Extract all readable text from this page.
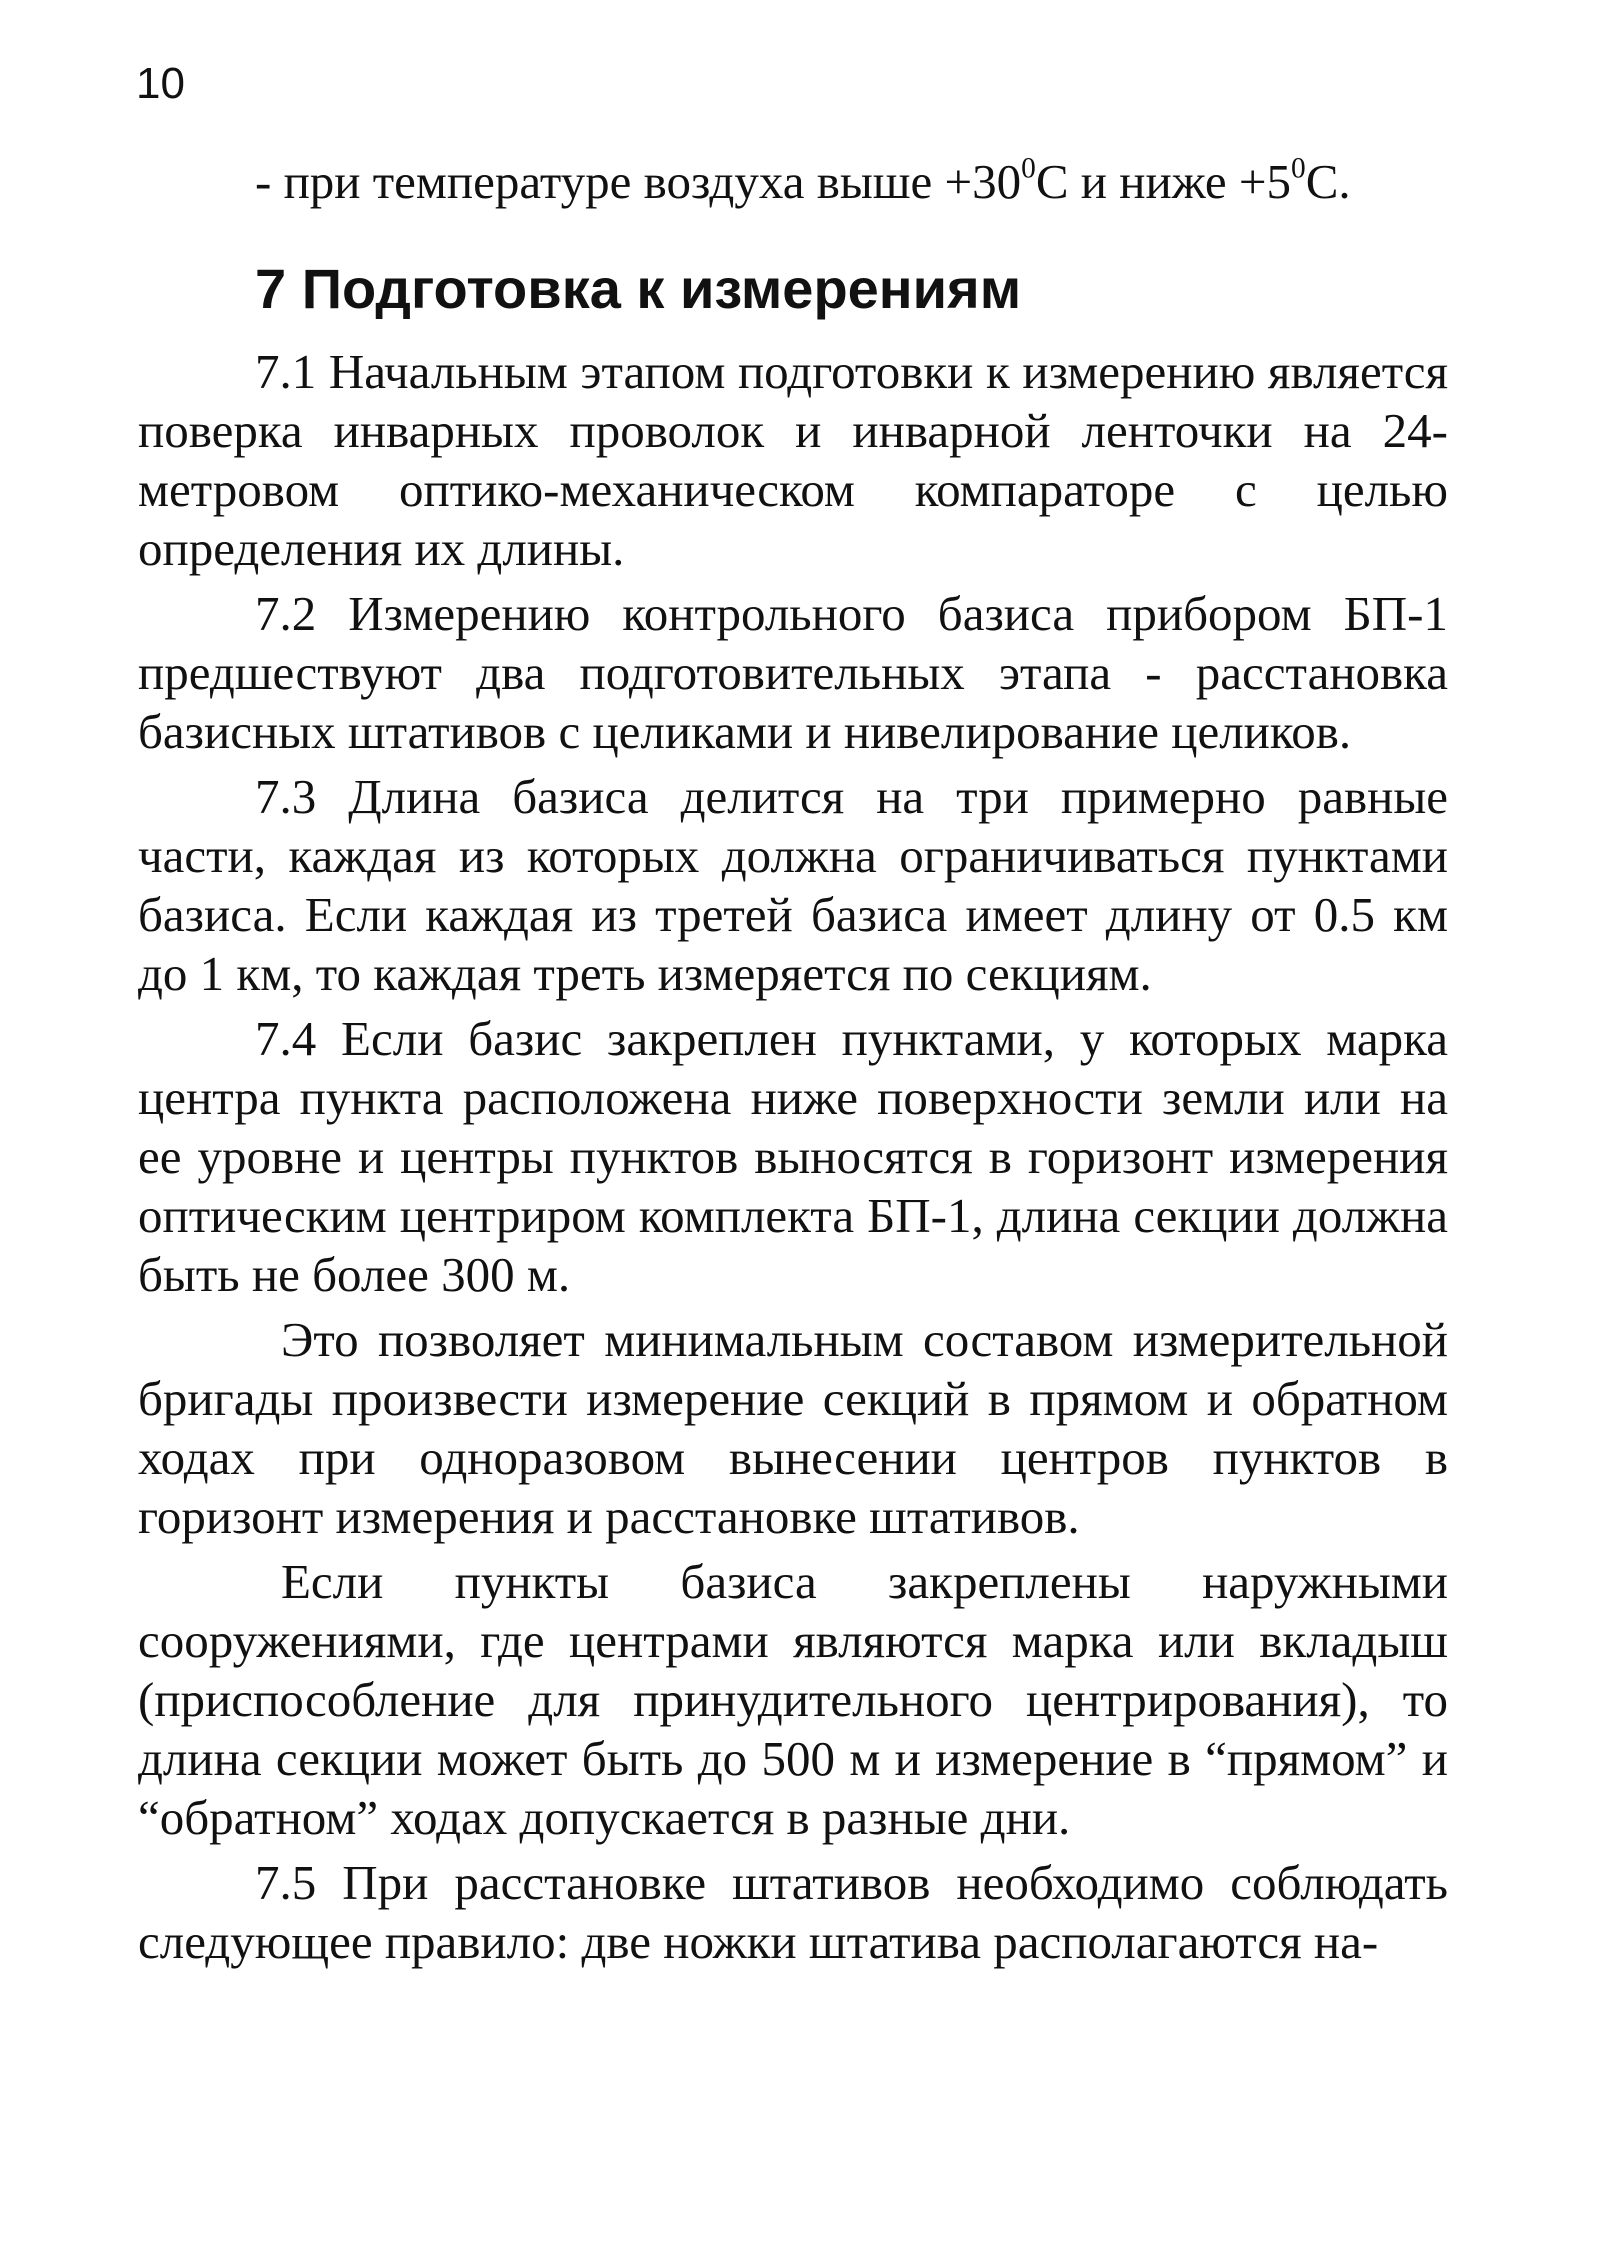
10
- при температуре воздуха выше $+30^0С$ и ниже $+5^0С$.
7 Подготовка к измерениям

7.1 Начальным этапом подготовки к измерению является поверка инварных проволок и инварной ленточки на 24-метровом оптико-механическом компараторе с целью определения их длины.

7.2 Измерению контрольного базиса прибором БП-1 предшествуют два подготовительных этапа - расстановка базисных штативов с целиками и нивелирование целиков.

7.3 Длина базиса делится на три примерно равные части, каждая из которых должна ограничиваться пунктами базиса. Если каждая из третей базиса имеет длину от 0.5 км до 1 км, то каждая треть измеряется по секциям.

7.4 Если базис закреплен пунктами, у которых марка центра пункта расположена ниже поверхности земли или на ее уровне и центры пунктов выносятся в горизонт измерения оптическим центриром комплекта БП-1, длина секции должна быть не более 300 м.

Это позволяет минимальным составом измерительной бригады произвести измерение секций в прямом и обратном ходах при одноразовом вынесении центров пунктов в горизонт измерения и расстановке штативов.

Если пункты базиса закреплены наружными сооружениями, где центрами являются марка или вкладыш (приспособление для принудительного центрирования), то длина секции может быть до 500 м и измерение в “прямом” и “обратном” ходах допускается в разные дни.

7.5 При расстановке штативов необходимо соблюдать следующее правило: две ножки штатива располагаются на-
